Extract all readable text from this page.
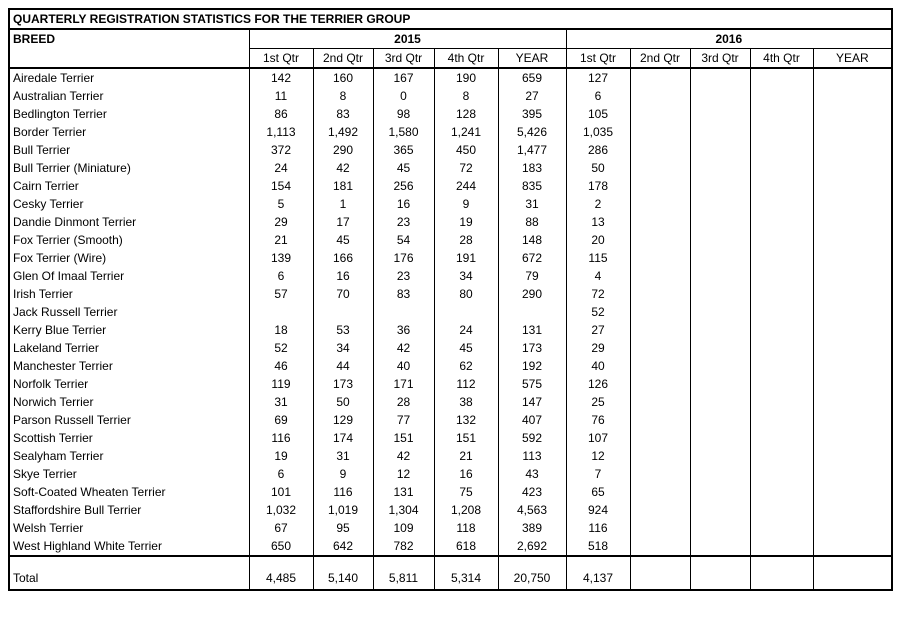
QUARTERLY REGISTRATION STATISTICS FOR THE TERRIER GROUP										
BREED	2015					2016				
	1st Qtr	2nd Qtr	3rd Qtr	4th Qtr	YEAR	1st Qtr	2nd Qtr	3rd Qtr	4th Qtr	YEAR
Airedale Terrier	142	160	167	190	659	127				
Australian Terrier	11	8	0	8	27	6				
Bedlington Terrier	86	83	98	128	395	105				
Border Terrier	1,113	1,492	1,580	1,241	5,426	1,035				
Bull Terrier	372	290	365	450	1,477	286				
Bull Terrier (Miniature)	24	42	45	72	183	50				
Cairn Terrier	154	181	256	244	835	178				
Cesky Terrier	5	1	16	9	31	2				
Dandie Dinmont Terrier	29	17	23	19	88	13				
Fox Terrier (Smooth)	21	45	54	28	148	20				
Fox Terrier (Wire)	139	166	176	191	672	115				
Glen Of Imaal Terrier	6	16	23	34	79	4				
Irish Terrier	57	70	83	80	290	72				
Jack Russell Terrier						52				
Kerry Blue Terrier	18	53	36	24	131	27				
Lakeland Terrier	52	34	42	45	173	29				
Manchester Terrier	46	44	40	62	192	40				
Norfolk Terrier	119	173	171	112	575	126				
Norwich Terrier	31	50	28	38	147	25				
Parson Russell Terrier	69	129	77	132	407	76				
Scottish Terrier	116	174	151	151	592	107				
Sealyham Terrier	19	31	42	21	113	12				
Skye Terrier	6	9	12	16	43	7				
Soft-Coated Wheaten Terrier	101	116	131	75	423	65				
Staffordshire Bull Terrier	1,032	1,019	1,304	1,208	4,563	924				
Welsh Terrier	67	95	109	118	389	116				
West Highland White Terrier	650	642	782	618	2,692	518				
Total	4,485	5,140	5,811	5,314	20,750	4,137				
